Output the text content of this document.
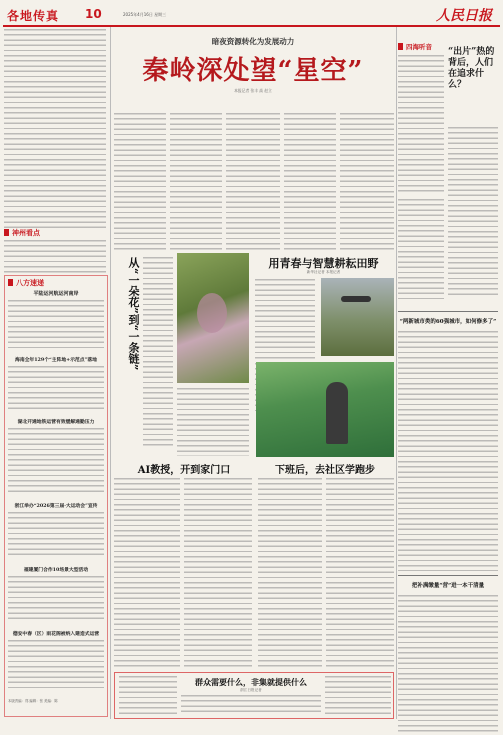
各地传真 10	2025年4月16日 星期三	人民日报
神州看点
八方速递
平陆运河航运河南岸
海南全年129个“主阵地+示范点”落地
湖北开通地铁运营有效缓解通勤压力
浙江举办“2026第三届·大运动会”宣传
福建厦门合作10场景大型活动
德安中春（区）雨花阁被纳入建造式运营
本版责编：郑 编辑：张 美编：陈
暗夜资源转化为发展动力
秦岭深处望“星空”
本报记者 张丰 高 赵立
从“一朵花”到“一条链”	用青春与智慧耕耘田野
新华社记者 本报记者
AI教授，开到家门口	下班后，去社区学跑步
群众需要什么，非集就提供什么
浙江日报记者
四海听音 “出片”热的背后，人们在追求什么？
“两新城市类的60强城市，如何修多了”
把补满缴量“营”进一本干清量
